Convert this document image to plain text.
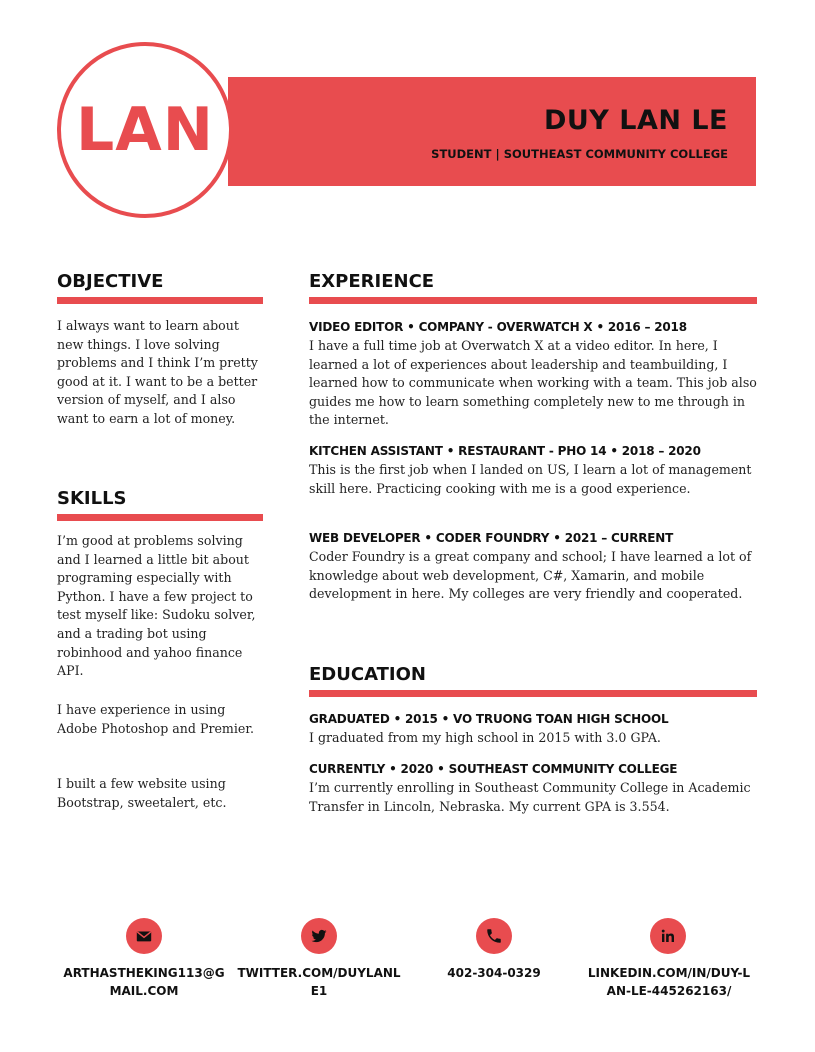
DUY LAN LE
STUDENT | SOUTHEAST COMMUNITY COLLEGE
LAN
OBJECTIVE

I always want to learn about new things. I love solving problems and I think I’m pretty good at it. I want to be a better version of myself, and I also want to earn a lot of money.

SKILLS

I’m good at problems solving and I learned a little bit about programing especially with Python. I have a few project to test myself like: Sudoku solver, and a trading bot using robinhood and yahoo finance API.

I have experience in using Adobe Photoshop and Premier.

I built a few website using Bootstrap, sweetalert, etc.

EXPERIENCE
VIDEO EDITOR • COMPANY - OVERWATCH X • 2016 – 2018

I have a full time job at Overwatch X at a video editor. In here, I learned a lot of experiences about leadership and teambuilding, I learned how to communicate when working with a team. This job also guides me how to learn something completely new to me through in the internet.

KITCHEN ASSISTANT • RESTAURANT - PHO 14 • 2018 – 2020

This is the first job when I landed on US, I learn a lot of management skill here. Practicing cooking with me is a good experience.

WEB DEVELOPER • CODER FOUNDRY • 2021 – CURRENT

Coder Foundry is a great company and school; I have learned a lot of knowledge about web development, C#, Xamarin, and mobile development in here. My colleges are very friendly and cooperated.

EDUCATION
GRADUATED • 2015 • VO TRUONG TOAN HIGH SCHOOL

I graduated from my high school in 2015 with 3.0 GPA.

CURRENTLY • 2020 • SOUTHEAST COMMUNITY COLLEGE

I’m currently enrolling in Southeast Community College in Academic Transfer in Lincoln, Nebraska. My current GPA is 3.554.

ARTHASTHEKING113@GMAIL.COM
TWITTER.COM/DUYLANLE1
402-304-0329	LINKEDIN.COM/IN/DUY-LAN-LE-445262163/
